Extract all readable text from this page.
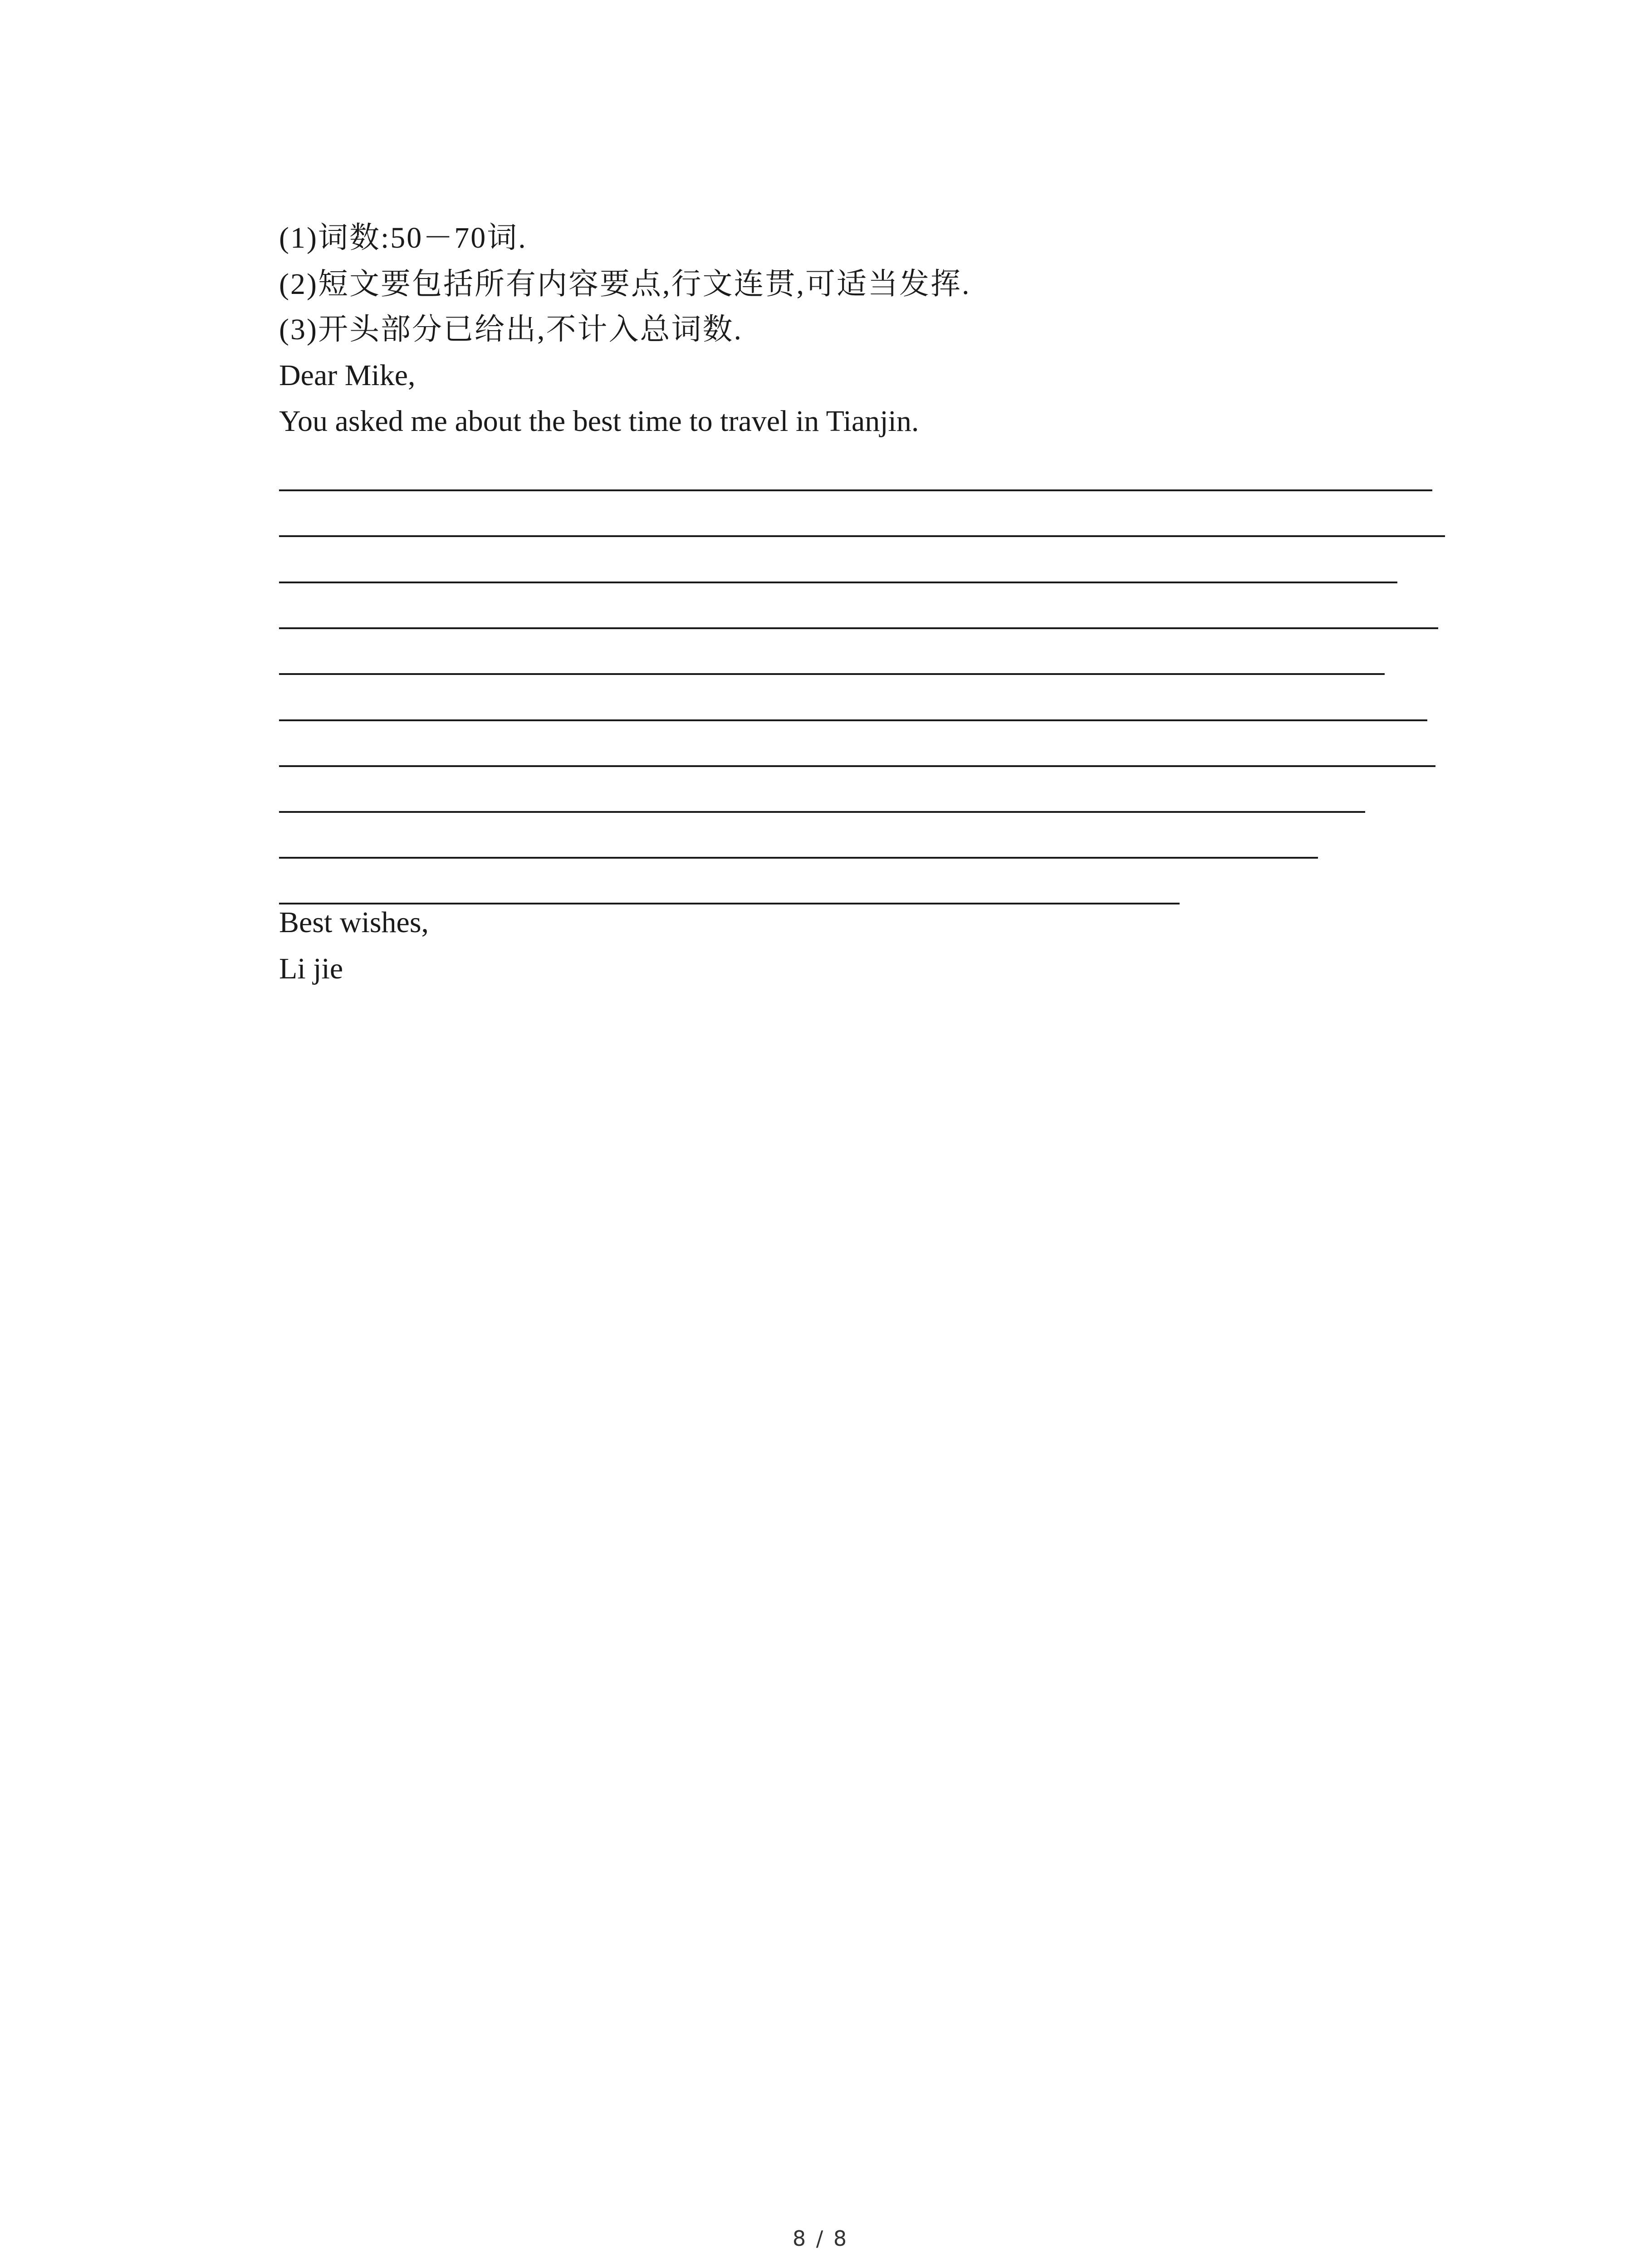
(1)词数:50－70词.
(2)短文要包括所有内容要点,行文连贯,可适当发挥.
(3)开头部分已给出,不计入总词数.
Dear Mike,
You asked me about the best time to travel in Tianjin.
Best wishes,
Li jie
8 / 8
